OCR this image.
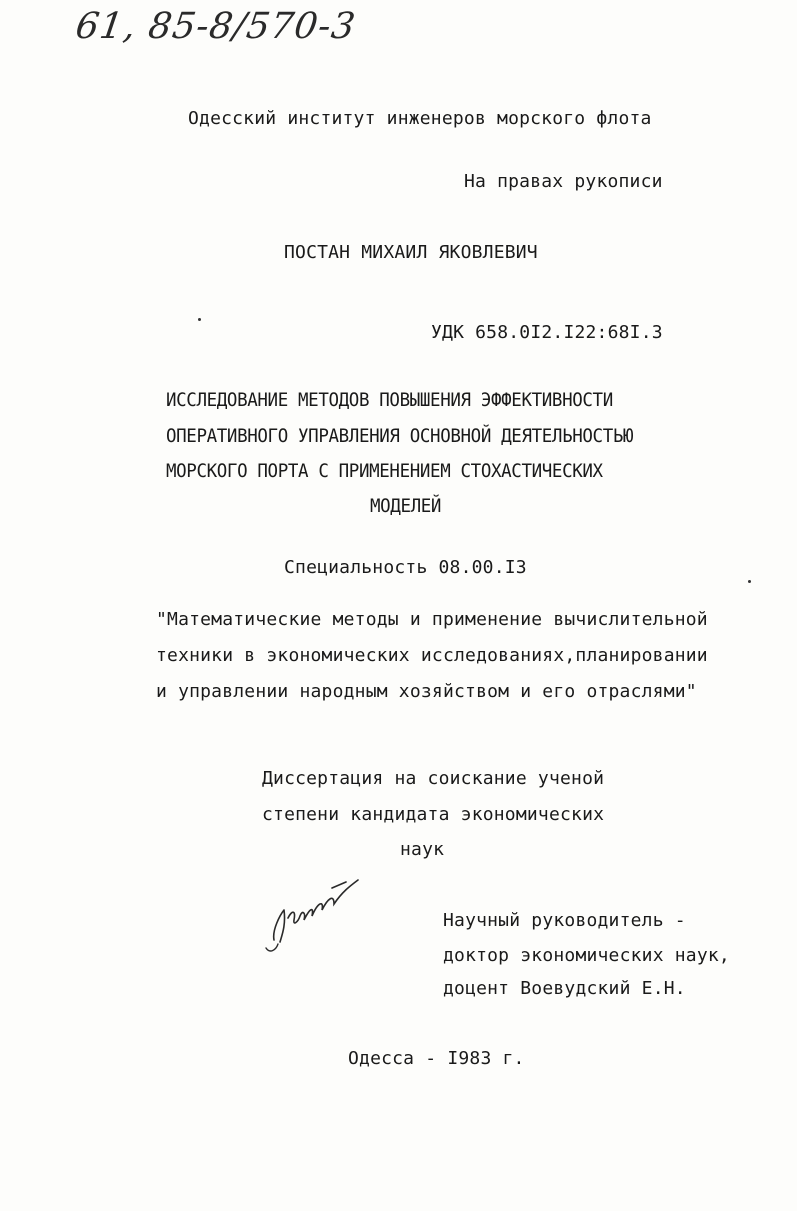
61, 85-8/570-3
Одесский институт инженеров морского флота
На правах рукописи
ПОСТАН МИХАИЛ ЯКОВЛЕВИЧ
УДК 658.0I2.I22:68I.3
ИССЛЕДОВАНИЕ МЕТОДОВ ПОВЫШЕНИЯ ЭФФЕКТИВНОСТИ
ОПЕРАТИВНОГО УПРАВЛЕНИЯ ОСНОВНОЙ ДЕЯТЕЛЬНОСТЬЮ
МОРСКОГО ПОРТА С ПРИМЕНЕНИЕМ СТОХАСТИЧЕСКИХ
МОДЕЛЕЙ
Специальность 08.00.I3
"Математические методы и применение вычислительной
техники в экономических исследованиях,планировании
и управлении народным хозяйством и его отраслями"
Диссертация на соискание ученой
степени кандидата экономических
наук
Научный руководитель -
доктор экономических наук,
доцент Воевудский Е.Н.
Одесса - I983 г.
